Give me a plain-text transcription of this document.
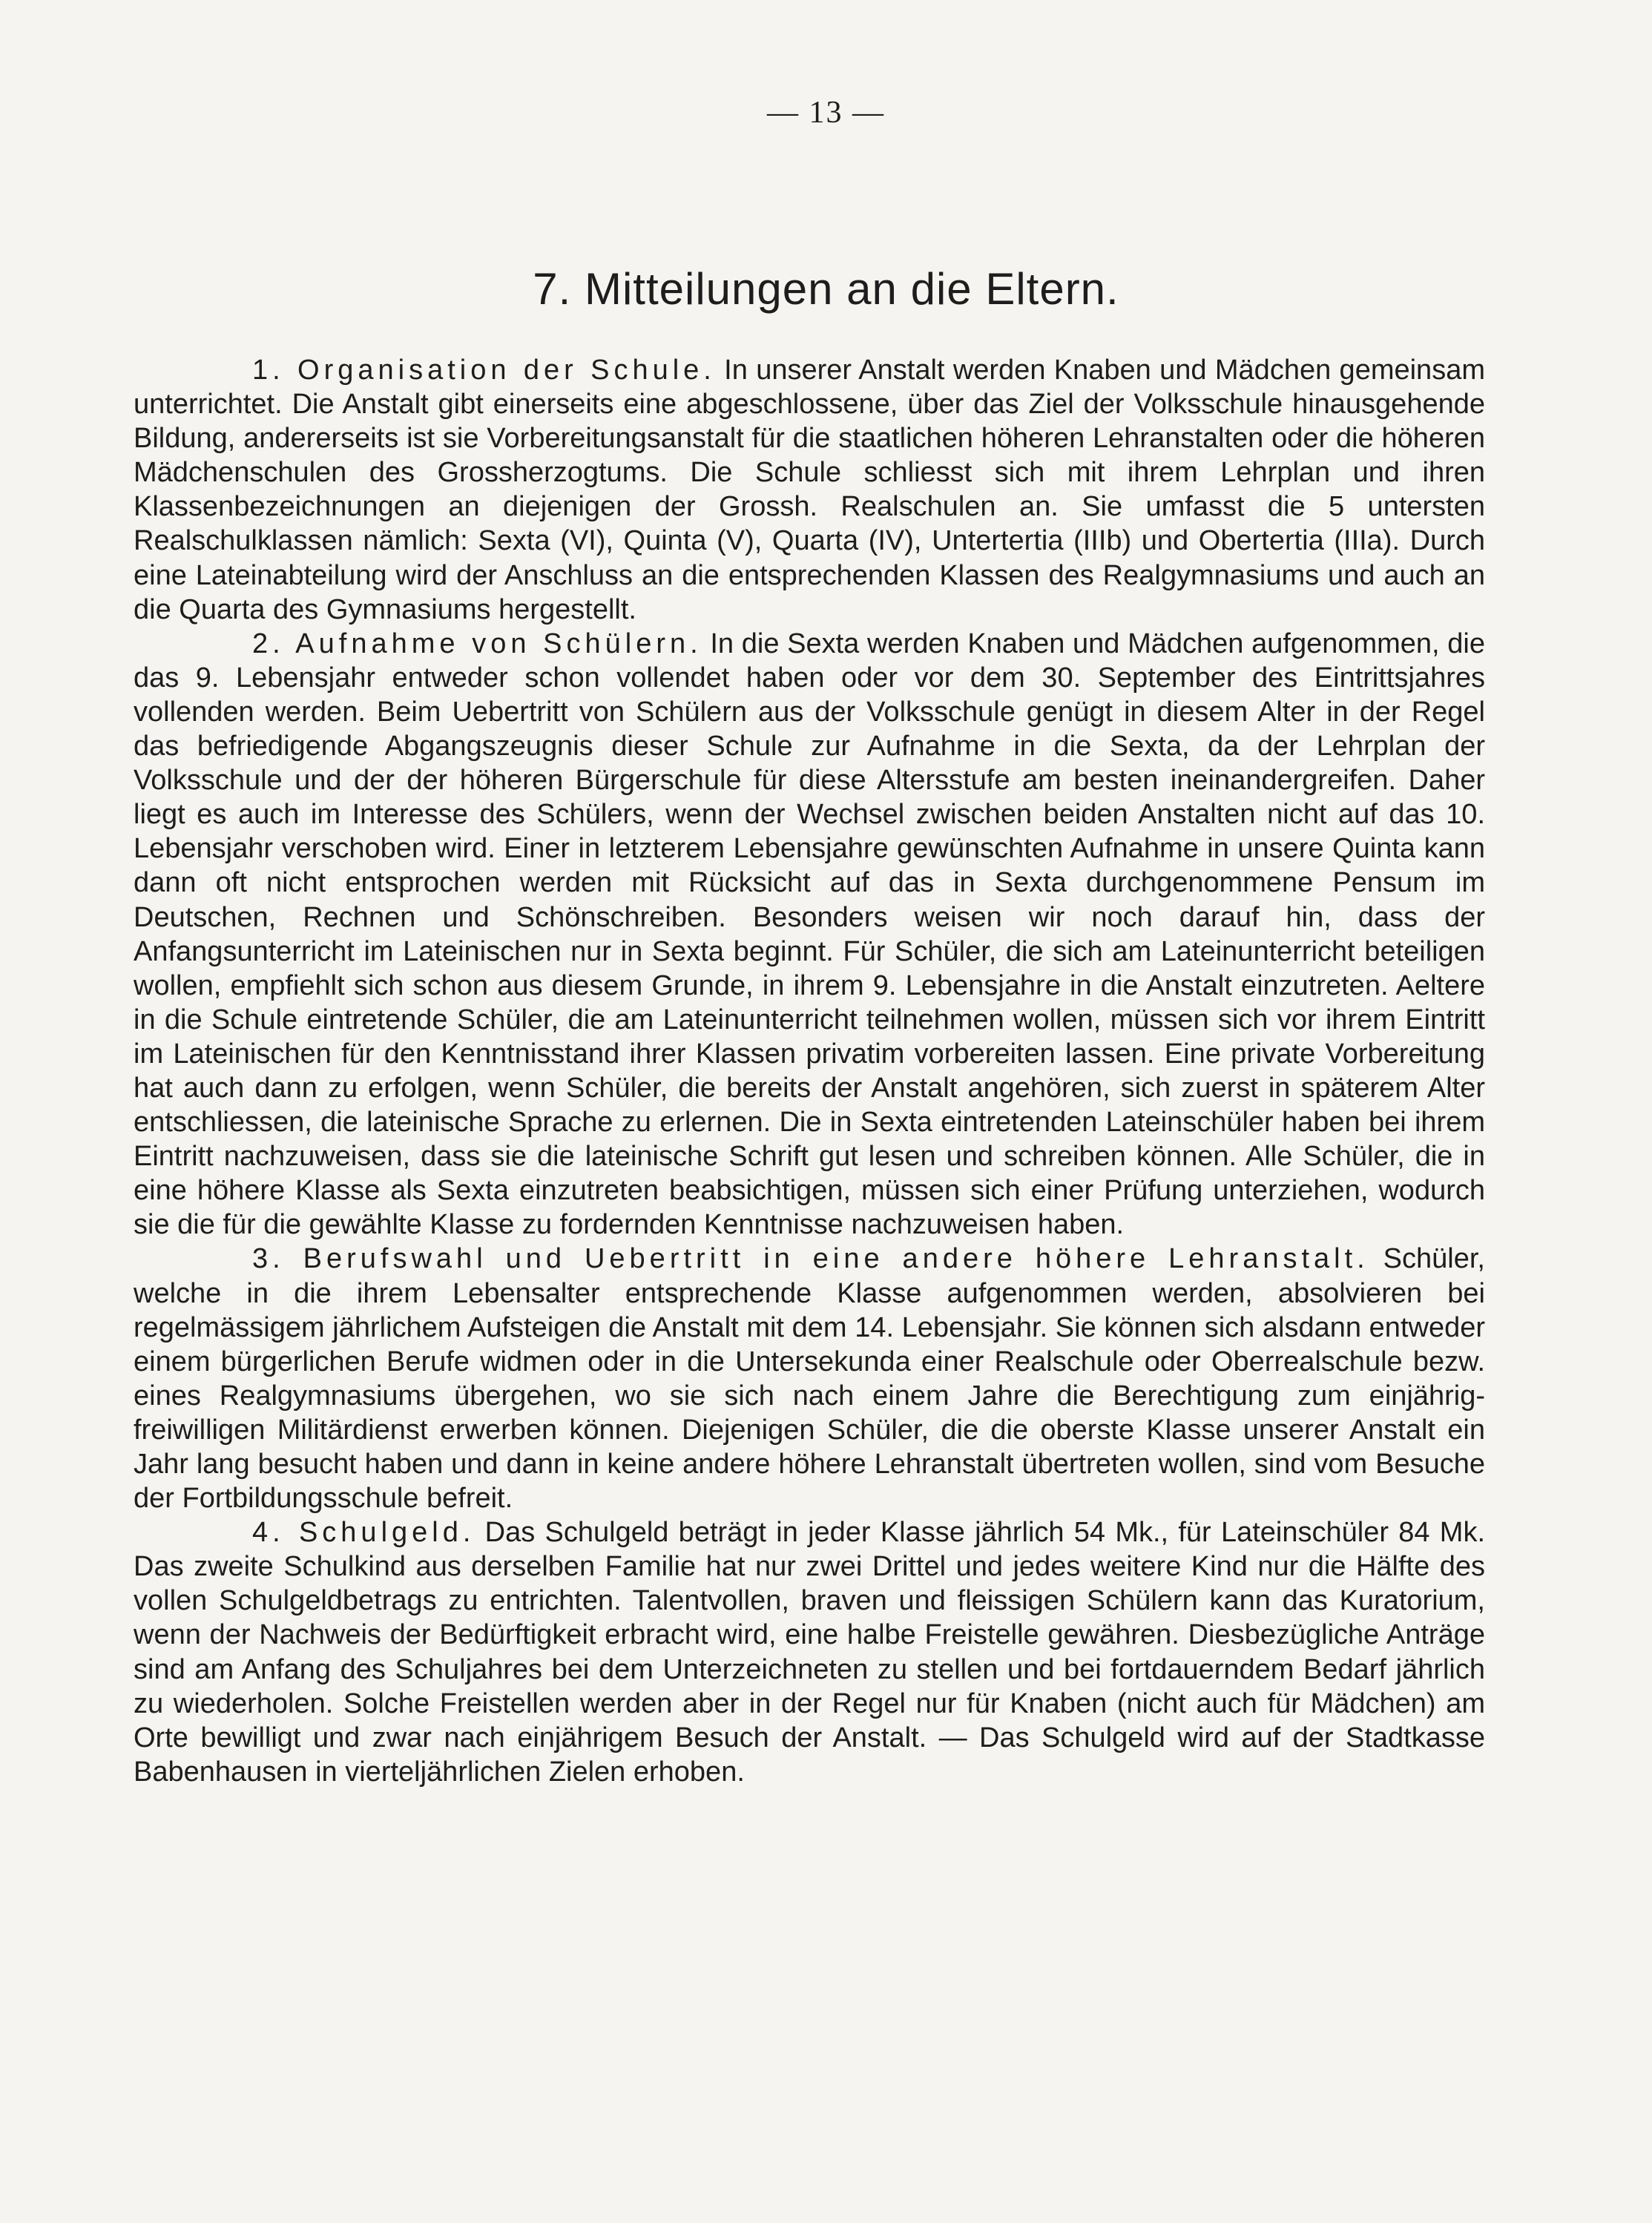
— 13 —
7. Mitteilungen an die Eltern.

1. Organisation der Schule. In unserer Anstalt werden Knaben und Mädchen gemeinsam unterrichtet. Die Anstalt gibt einerseits eine abgeschlossene, über das Ziel der Volksschule hinausgehende Bildung, andererseits ist sie Vorbereitungsanstalt für die staatlichen höheren Lehranstalten oder die höheren Mädchenschulen des Grossherzogtums. Die Schule schliesst sich mit ihrem Lehrplan und ihren Klassenbezeichnungen an diejenigen der Grossh. Realschulen an. Sie umfasst die 5 untersten Realschulklassen nämlich: Sexta (VI), Quinta (V), Quarta (IV), Untertertia (IIIb) und Obertertia (IIIa). Durch eine Lateinabteilung wird der Anschluss an die entsprechenden Klassen des Realgymnasiums und auch an die Quarta des Gymnasiums hergestellt.

2. Aufnahme von Schülern. In die Sexta werden Knaben und Mädchen aufgenommen, die das 9. Lebensjahr entweder schon vollendet haben oder vor dem 30. September des Eintrittsjahres vollenden werden. Beim Uebertritt von Schülern aus der Volksschule genügt in diesem Alter in der Regel das befriedigende Abgangszeugnis dieser Schule zur Aufnahme in die Sexta, da der Lehrplan der Volksschule und der der höheren Bürgerschule für diese Altersstufe am besten ineinandergreifen. Daher liegt es auch im Interesse des Schülers, wenn der Wechsel zwischen beiden Anstalten nicht auf das 10. Lebensjahr verschoben wird. Einer in letzterem Lebensjahre gewünschten Aufnahme in unsere Quinta kann dann oft nicht entsprochen werden mit Rücksicht auf das in Sexta durchgenommene Pensum im Deutschen, Rechnen und Schönschreiben. Besonders weisen wir noch darauf hin, dass der Anfangsunterricht im Lateinischen nur in Sexta beginnt. Für Schüler, die sich am Lateinunterricht beteiligen wollen, empfiehlt sich schon aus diesem Grunde, in ihrem 9. Lebensjahre in die Anstalt einzutreten. Aeltere in die Schule eintretende Schüler, die am Lateinunterricht teilnehmen wollen, müssen sich vor ihrem Eintritt im Lateinischen für den Kenntnisstand ihrer Klassen privatim vorbereiten lassen. Eine private Vorbereitung hat auch dann zu erfolgen, wenn Schüler, die bereits der Anstalt angehören, sich zuerst in späterem Alter entschliessen, die lateinische Sprache zu erlernen. Die in Sexta eintretenden Lateinschüler haben bei ihrem Eintritt nachzuweisen, dass sie die lateinische Schrift gut lesen und schreiben können. Alle Schüler, die in eine höhere Klasse als Sexta einzutreten beabsichtigen, müssen sich einer Prüfung unterziehen, wodurch sie die für die gewählte Klasse zu fordernden Kenntnisse nachzuweisen haben.

3. Berufswahl und Uebertritt in eine andere höhere Lehranstalt. Schüler, welche in die ihrem Lebensalter entsprechende Klasse aufgenommen werden, absolvieren bei regelmässigem jährlichem Aufsteigen die Anstalt mit dem 14. Lebensjahr. Sie können sich alsdann entweder einem bürgerlichen Berufe widmen oder in die Untersekunda einer Realschule oder Oberrealschule bezw. eines Realgymnasiums übergehen, wo sie sich nach einem Jahre die Berechtigung zum einjährig-freiwilligen Militärdienst erwerben können. Diejenigen Schüler, die die oberste Klasse unserer Anstalt ein Jahr lang besucht haben und dann in keine andere höhere Lehranstalt übertreten wollen, sind vom Besuche der Fortbildungsschule befreit.

4. Schulgeld. Das Schulgeld beträgt in jeder Klasse jährlich 54 Mk., für Lateinschüler 84 Mk. Das zweite Schulkind aus derselben Familie hat nur zwei Drittel und jedes weitere Kind nur die Hälfte des vollen Schulgeldbetrags zu entrichten. Talentvollen, braven und fleissigen Schülern kann das Kuratorium, wenn der Nachweis der Bedürftigkeit erbracht wird, eine halbe Freistelle gewähren. Diesbezügliche Anträge sind am Anfang des Schuljahres bei dem Unterzeichneten zu stellen und bei fortdauerndem Bedarf jährlich zu wiederholen. Solche Freistellen werden aber in der Regel nur für Knaben (nicht auch für Mädchen) am Orte bewilligt und zwar nach einjährigem Besuch der Anstalt. — Das Schulgeld wird auf der Stadtkasse Babenhausen in vierteljährlichen Zielen erhoben.
